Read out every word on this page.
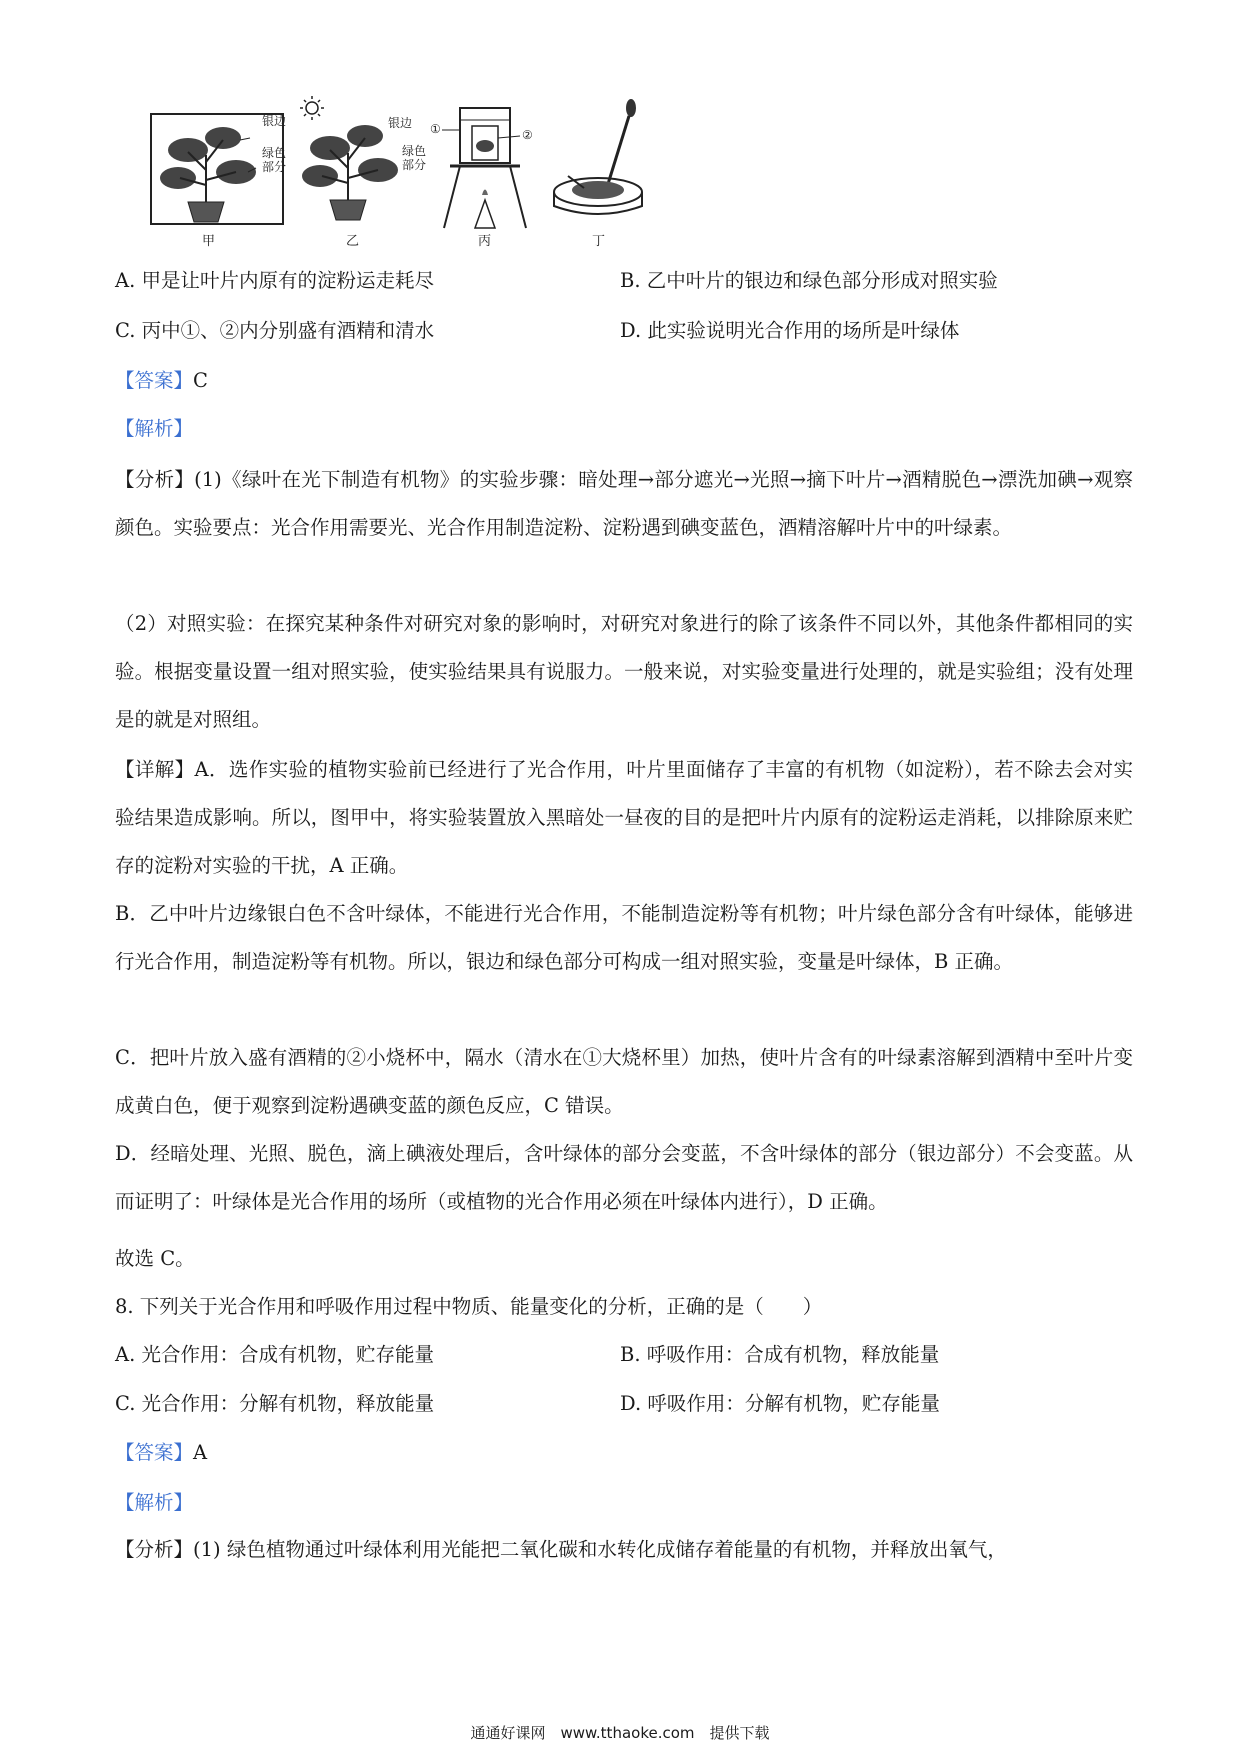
银边
绿色部分
甲
银边
绿色部分
乙
①	②
丙	丁
A. 甲是让叶片内原有的淀粉运走耗尽	B. 乙中叶片的银边和绿色部分形成对照实验
C. 丙中①、②内分别盛有酒精和清水	D. 此实验说明光合作用的场所是叶绿体
【答案】C
【解析】
【分析】(1)《绿叶在光下制造有机物》的实验步骤：暗处理→部分遮光→光照→摘下叶片→酒精脱色→漂洗加碘→观察颜色。实验要点：光合作用需要光、光合作用制造淀粉、淀粉遇到碘变蓝色，酒精溶解叶片中的叶绿素。
（2）对照实验：在探究某种条件对研究对象的影响时，对研究对象进行的除了该条件不同以外，其他条件都相同的实验。根据变量设置一组对照实验，使实验结果具有说服力。一般来说，对实验变量进行处理的，就是实验组；没有处理是的就是对照组。
【详解】A．选作实验的植物实验前已经进行了光合作用，叶片里面储存了丰富的有机物（如淀粉），若不除去会对实验结果造成影响。所以，图甲中，将实验装置放入黑暗处一昼夜的目的是把叶片内原有的淀粉运走消耗，以排除原来贮存的淀粉对实验的干扰，A 正确。
B．乙中叶片边缘银白色不含叶绿体，不能进行光合作用，不能制造淀粉等有机物；叶片绿色部分含有叶绿体，能够进行光合作用，制造淀粉等有机物。所以，银边和绿色部分可构成一组对照实验，变量是叶绿体，B 正确。
C．把叶片放入盛有酒精的②小烧杯中，隔水（清水在①大烧杯里）加热，使叶片含有的叶绿素溶解到酒精中至叶片变成黄白色，便于观察到淀粉遇碘变蓝的颜色反应，C 错误。
D．经暗处理、光照、脱色，滴上碘液处理后，含叶绿体的部分会变蓝，不含叶绿体的部分（银边部分）不会变蓝。从而证明了：叶绿体是光合作用的场所（或植物的光合作用必须在叶绿体内进行），D 正确。
故选 C。
8. 下列关于光合作用和呼吸作用过程中物质、能量变化的分析，正确的是（　　）
A. 光合作用：合成有机物，贮存能量	B. 呼吸作用：合成有机物，释放能量
C. 光合作用：分解有机物，释放能量	D. 呼吸作用：分解有机物，贮存能量
【答案】A
【解析】
【分析】(1) 绿色植物通过叶绿体利用光能把二氧化碳和水转化成储存着能量的有机物，并释放出氧气，
通通好课网　www.tthaoke.com　提供下载
